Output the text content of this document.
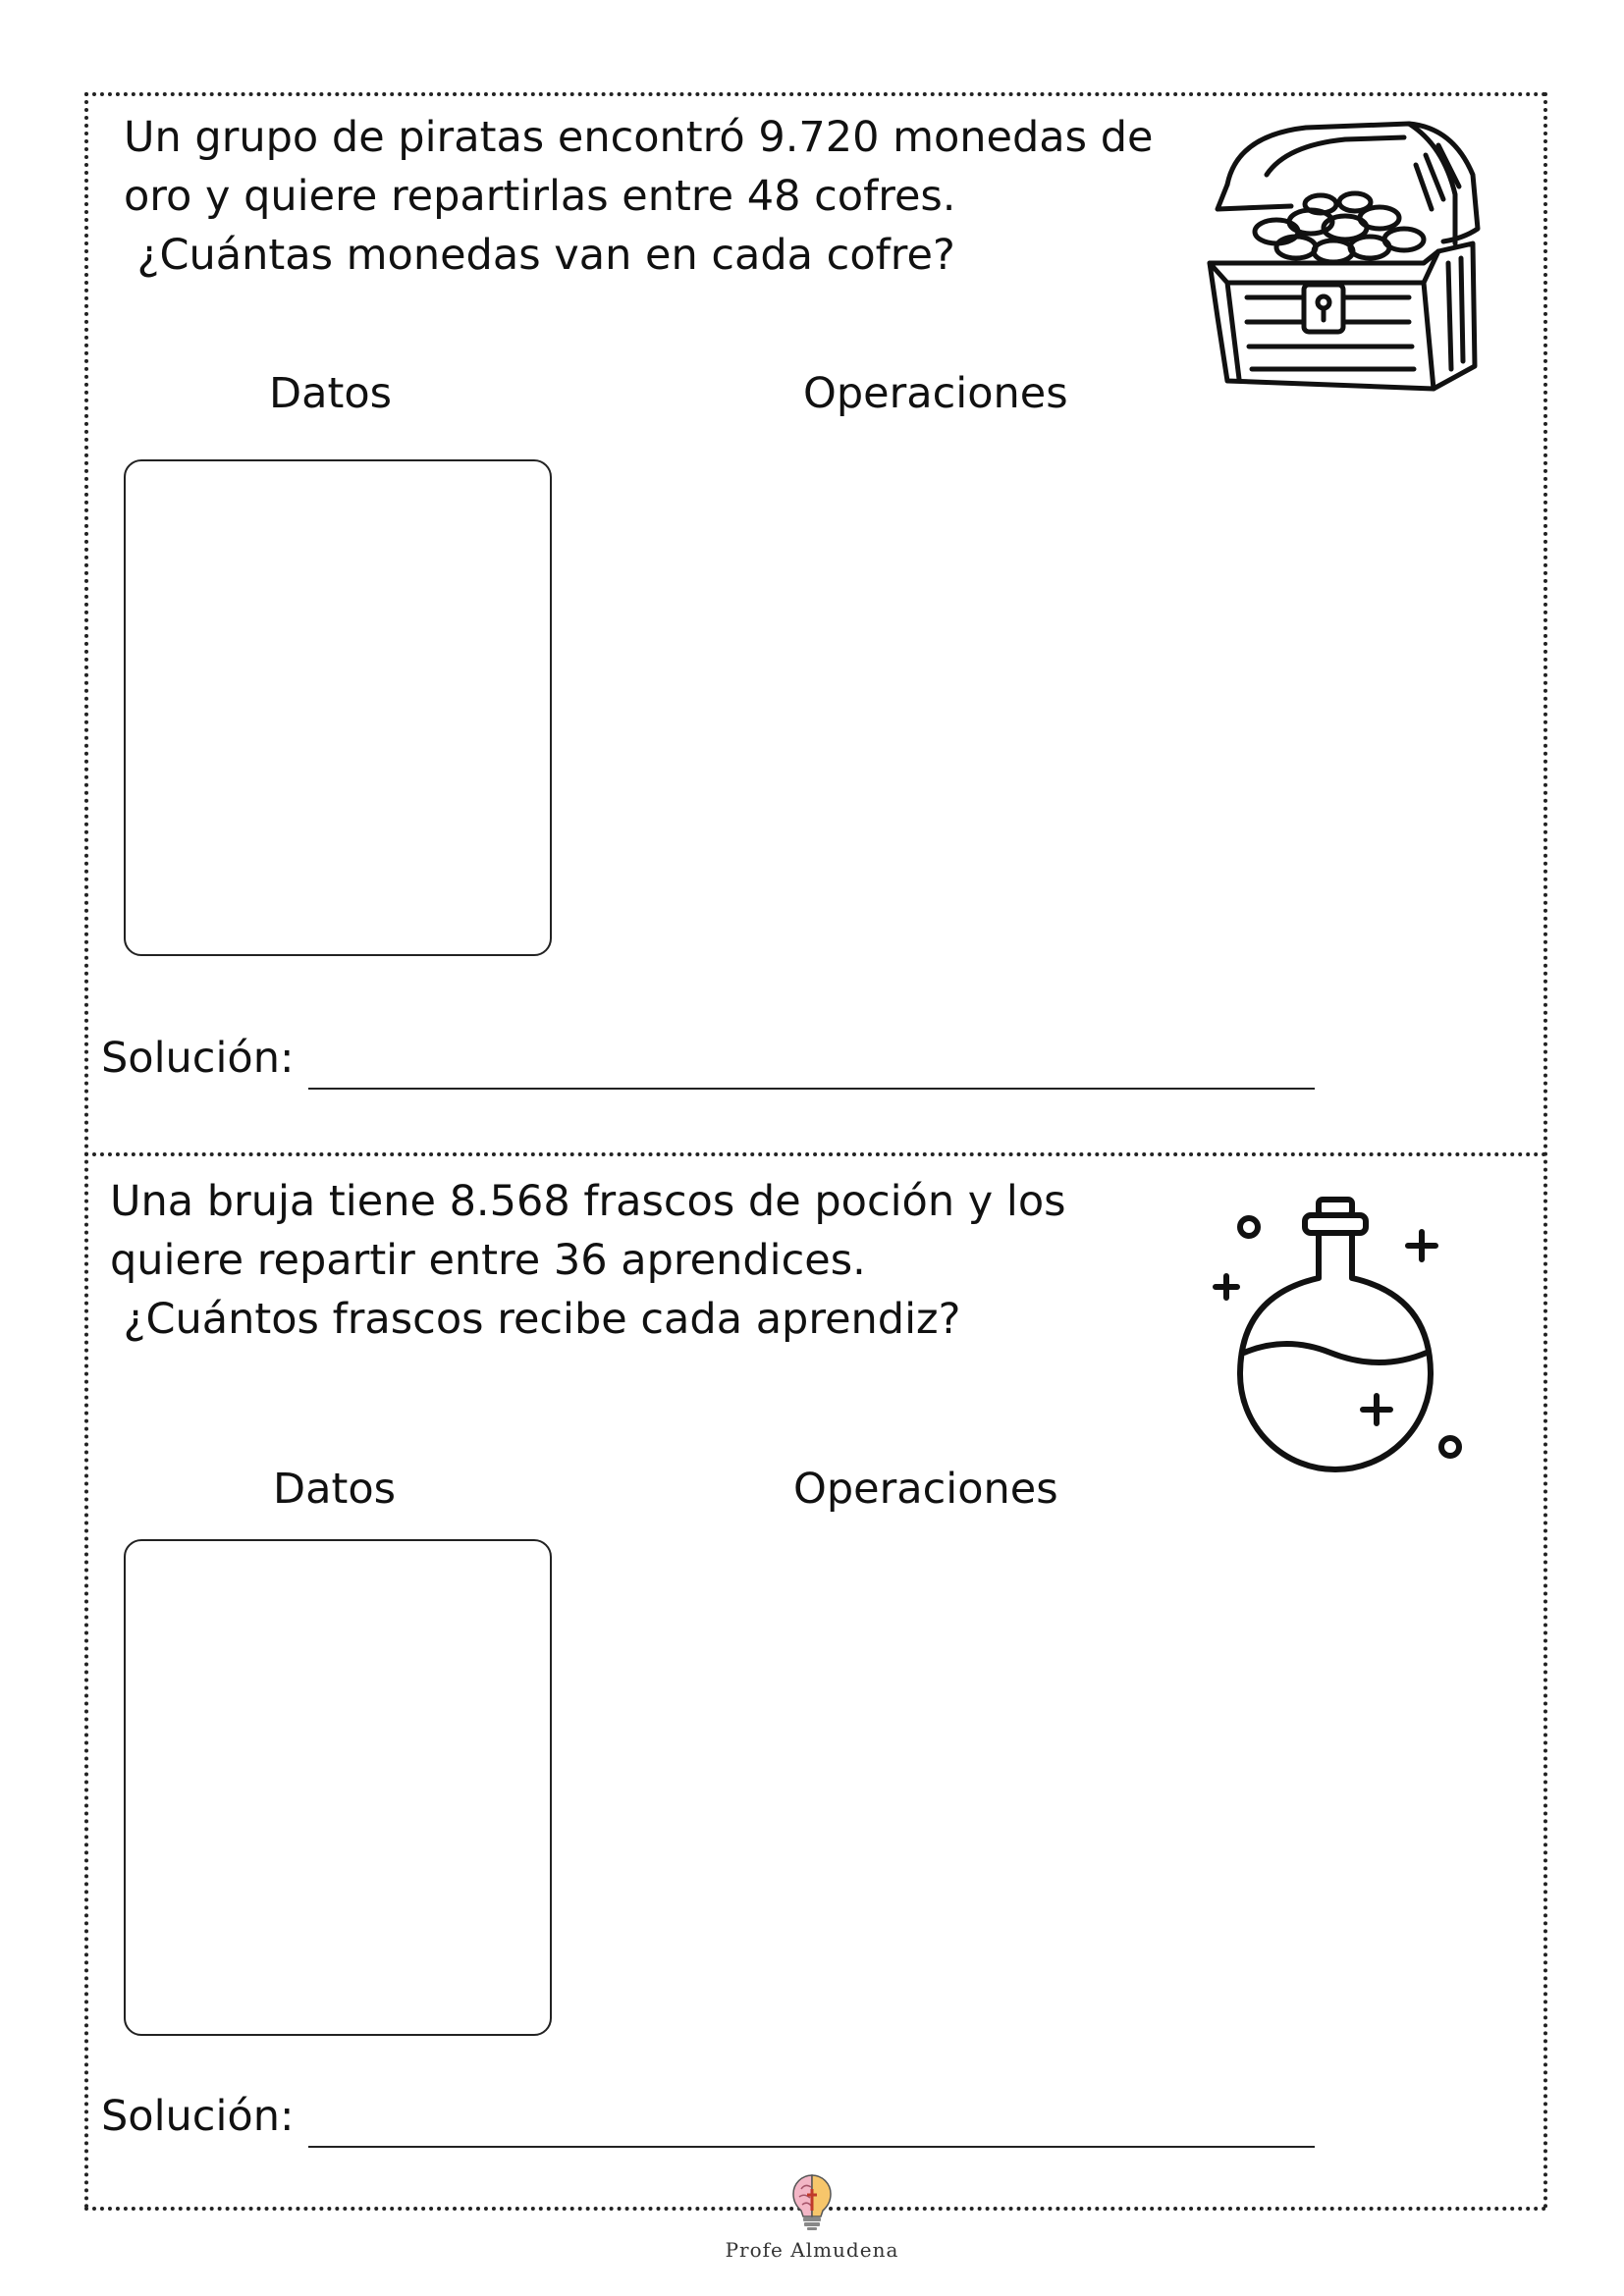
Un grupo de piratas encontró 9.720 monedas de
oro y quiere repartirlas entre 48 cofres.
¿Cuántas monedas van en cada cofre?

Datos	Operaciones
Solución:

Una bruja tiene 8.568 frascos de poción y los
quiere repartir entre 36 aprendices.
¿Cuántos frascos recibe cada aprendiz?

Datos	Operaciones
Solución:
Profe Almudena
